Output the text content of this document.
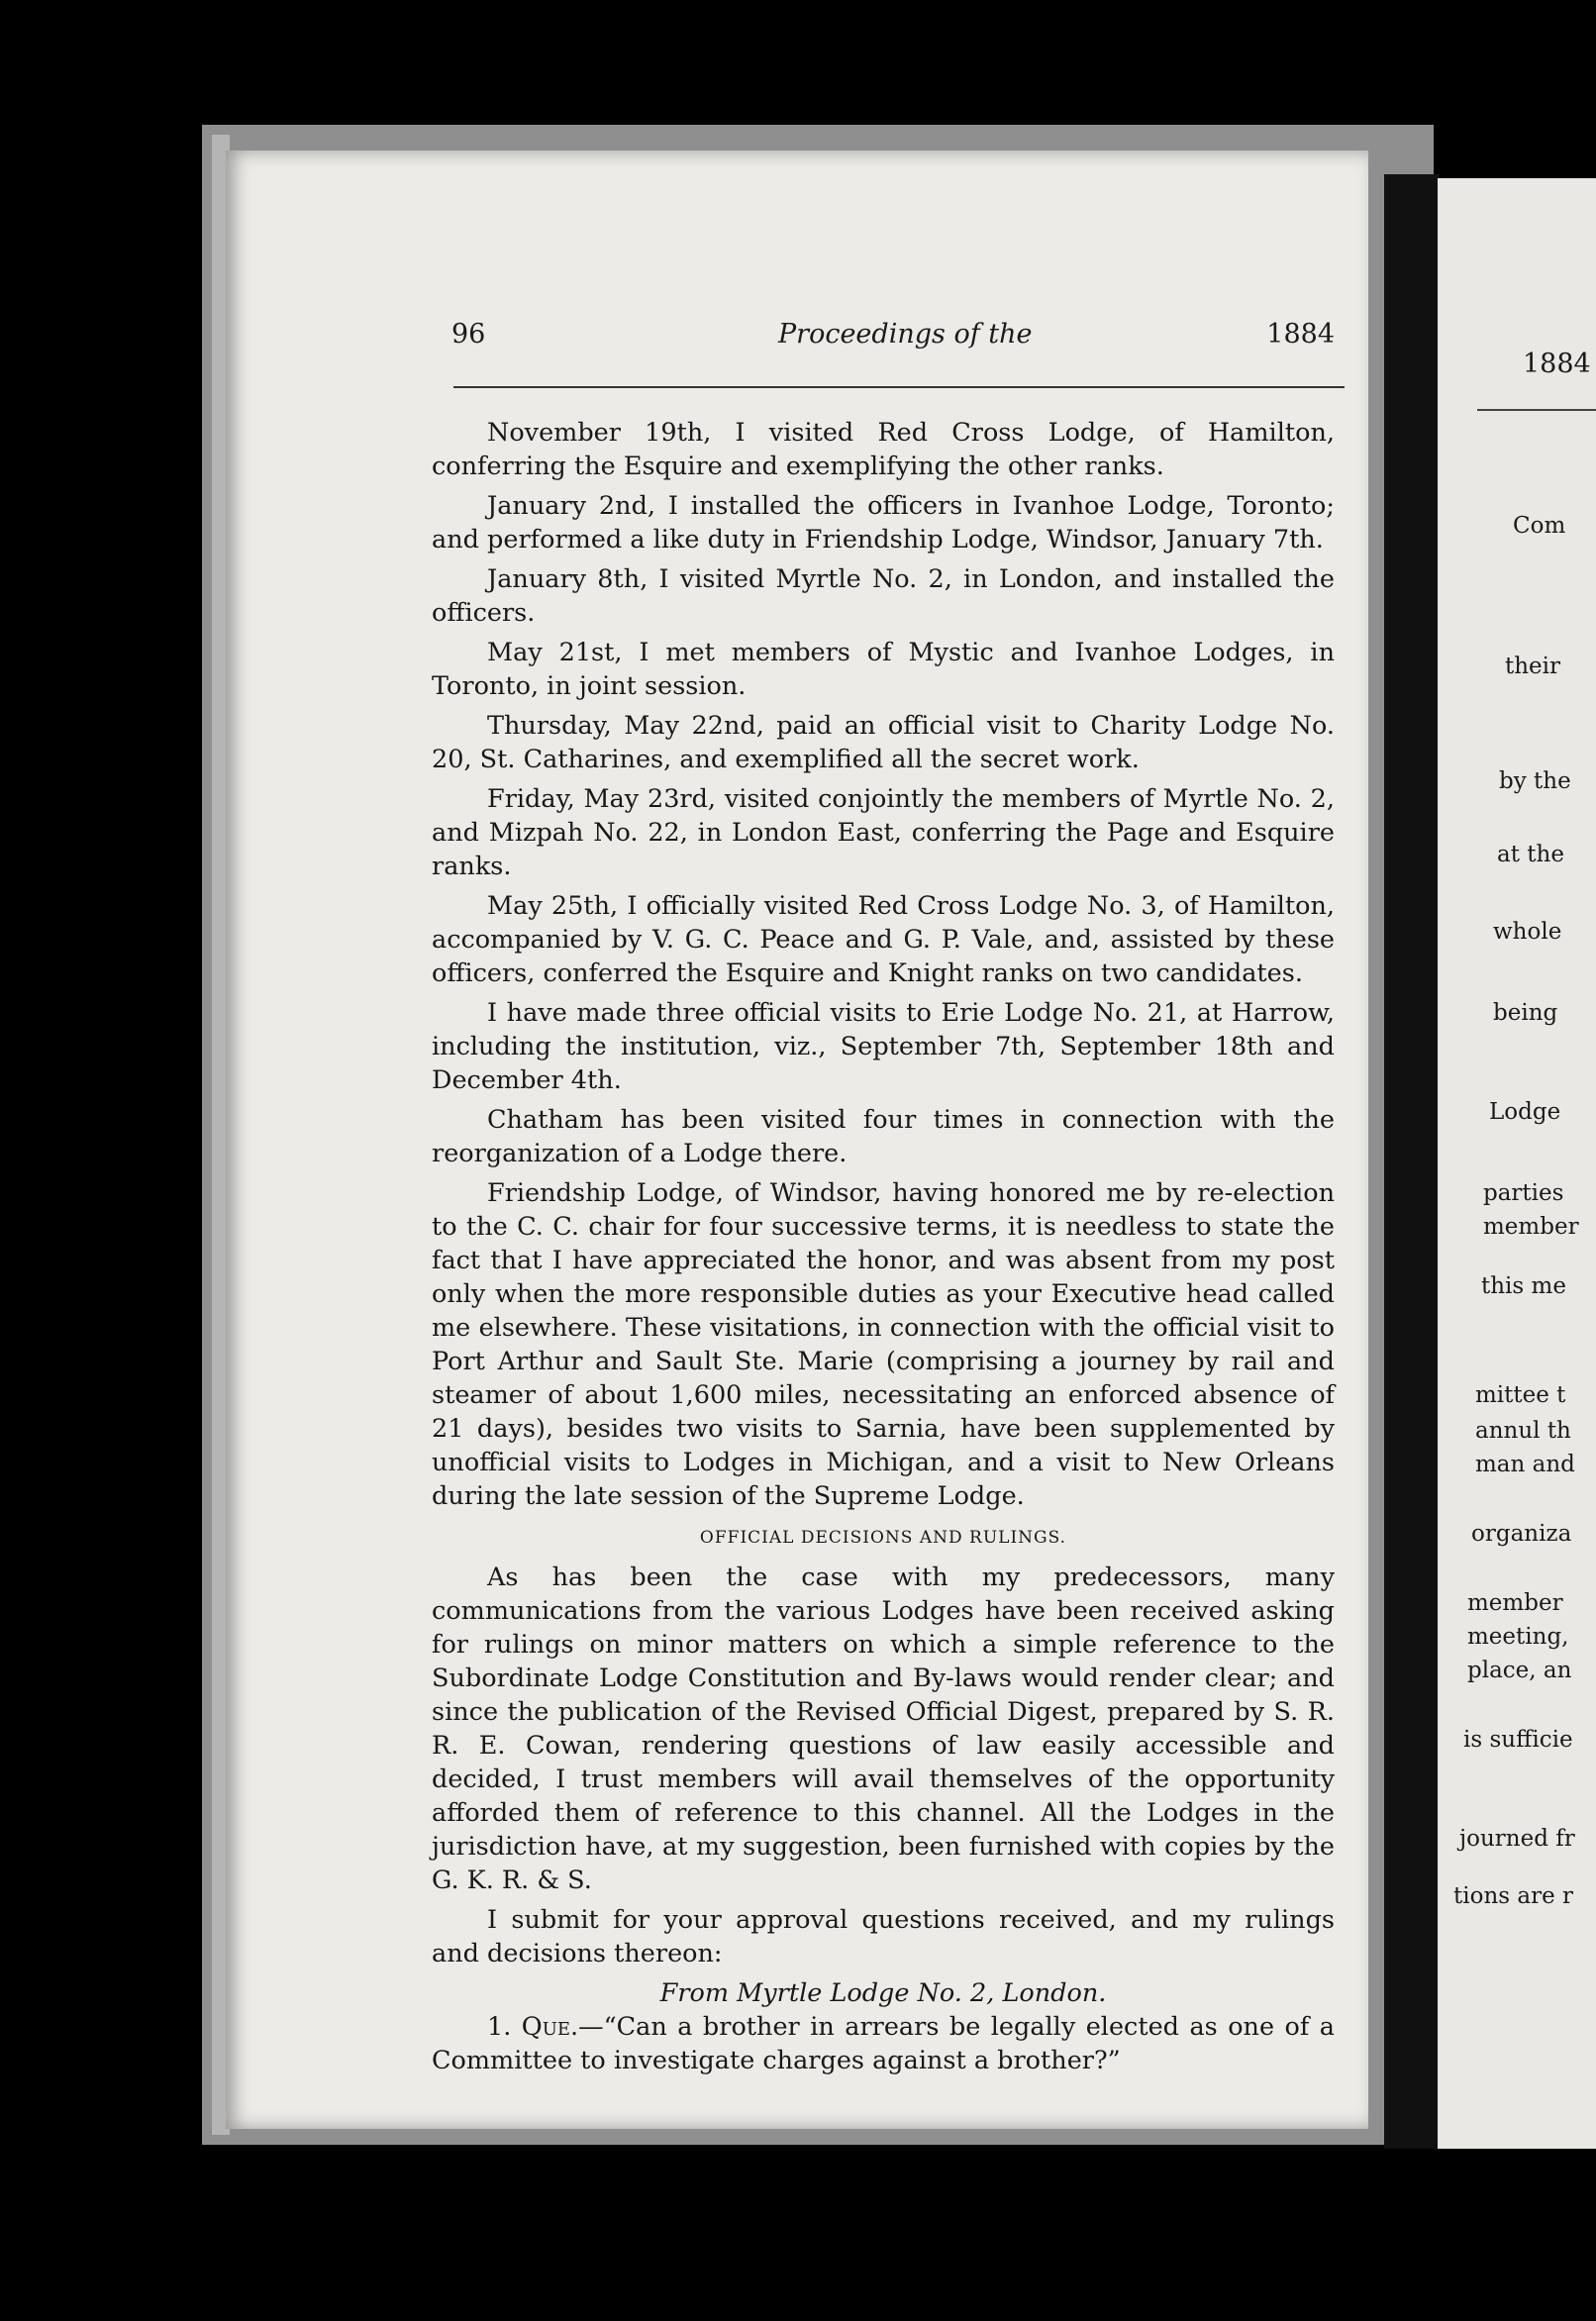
1884
Com
their
by the
at the
whole
being
Lodge
parties
member
this me
mittee t
annul th
man and
organiza
member
meeting,
place, an
is sufficie
journed fr
tions are r
96	Proceedings of the	1884

November 19th, I visited Red Cross Lodge, of Hamilton, conferring the Esquire and exemplifying the other ranks.

January 2nd, I installed the officers in Ivanhoe Lodge, Toronto; and performed a like duty in Friendship Lodge, Windsor, January 7th.

January 8th, I visited Myrtle No. 2, in London, and installed the officers.

May 21st, I met members of Mystic and Ivanhoe Lodges, in Toronto, in joint session.

Thursday, May 22nd, paid an official visit to Charity Lodge No. 20, St. Catharines, and exemplified all the secret work.

Friday, May 23rd, visited conjointly the members of Myrtle No. 2, and Mizpah No. 22, in London East, conferring the Page and Esquire ranks.

May 25th, I officially visited Red Cross Lodge No. 3, of Hamilton, accompanied by V. G. C. Peace and G. P. Vale, and, assisted by these officers, conferred the Esquire and Knight ranks on two candidates.

I have made three official visits to Erie Lodge No. 21, at Harrow, including the institution, viz., September 7th, September 18th and December 4th.

Chatham has been visited four times in connection with the reorganization of a Lodge there.

Friendship Lodge, of Windsor, having honored me by re-election to the C. C. chair for four successive terms, it is needless to state the fact that I have appreciated the honor, and was absent from my post only when the more responsible duties as your Executive head called me elsewhere. These visitations, in connection with the official visit to Port Arthur and Sault Ste. Marie (comprising a journey by rail and steamer of about 1,600 miles, necessitating an enforced absence of 21 days), besides two visits to Sarnia, have been supplemented by unofficial visits to Lodges in Michigan, and a visit to New Orleans during the late session of the Supreme Lodge.

OFFICIAL DECISIONS AND RULINGS.

As has been the case with my predecessors, many communications from the various Lodges have been received asking for rulings on minor matters on which a simple reference to the Subordinate Lodge Constitution and By-laws would render clear; and since the publication of the Revised Official Digest, prepared by S. R. R. E. Cowan, rendering questions of law easily accessible and decided, I trust members will avail themselves of the opportunity afforded them of reference to this channel. All the Lodges in the jurisdiction have, at my suggestion, been furnished with copies by the G. K. R. & S.

I submit for your approval questions received, and my rulings and decisions thereon:

From Myrtle Lodge No. 2, London.

1. Que.—“Can a brother in arrears be legally elected as one of a Committee to investigate charges against a brother?”
